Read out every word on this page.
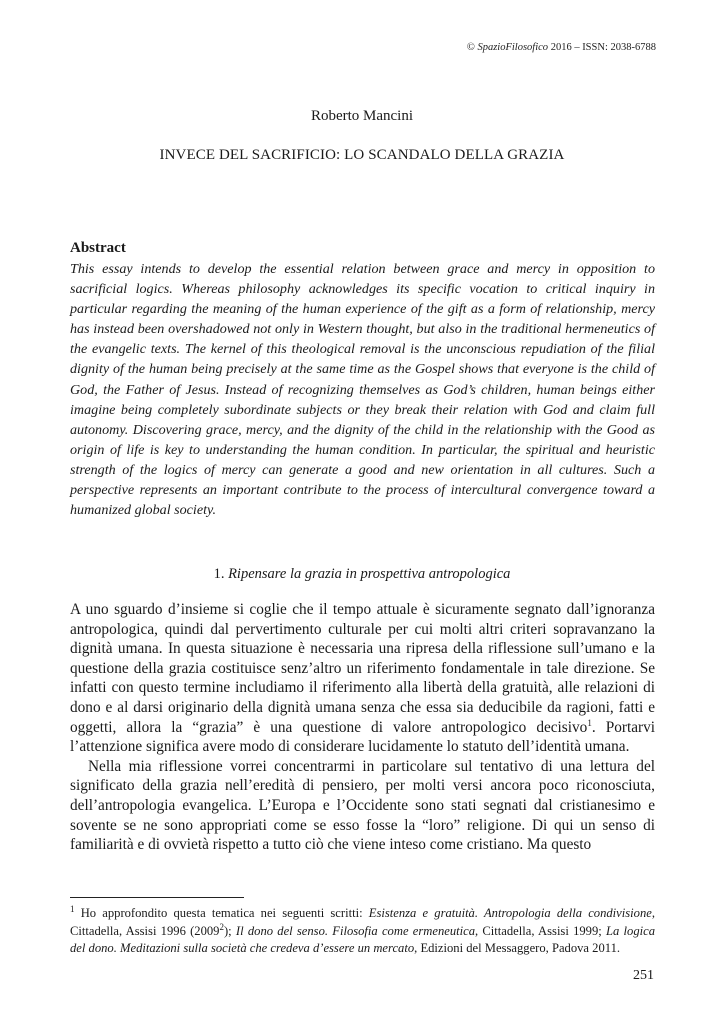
© SpazioFilosofico 2016 – ISSN: 2038-6788
Roberto Mancini
INVECE DEL SACRIFICIO: LO SCANDALO DELLA GRAZIA
Abstract

This essay intends to develop the essential relation between grace and mercy in opposition to sacrificial logics. Whereas philosophy acknowledges its specific vocation to critical inquiry in particular regarding the meaning of the human experience of the gift as a form of relationship, mercy has instead been overshadowed not only in Western thought, but also in the traditional hermeneutics of the evangelic texts. The kernel of this theological removal is the unconscious repudiation of the filial dignity of the human being precisely at the same time as the Gospel shows that everyone is the child of God, the Father of Jesus. Instead of recognizing themselves as God’s children, human beings either imagine being completely subordinate subjects or they break their relation with God and claim full autonomy. Discovering grace, mercy, and the dignity of the child in the relationship with the Good as origin of life is key to understanding the human condition. In particular, the spiritual and heuristic strength of the logics of mercy can generate a good and new orientation in all cultures. Such a perspective represents an important contribute to the process of intercultural convergence toward a humanized global society.

1. Ripensare la grazia in prospettiva antropologica

A uno sguardo d’insieme si coglie che il tempo attuale è sicuramente segnato dall’ignoranza antropologica, quindi dal pervertimento culturale per cui molti altri criteri sopravanzano la dignità umana. In questa situazione è necessaria una ripresa della riflessione sull’umano e la questione della grazia costituisce senz’altro un riferimento fondamentale in tale direzione. Se infatti con questo termine includiamo il riferimento alla libertà della gratuità, alle relazioni di dono e al darsi originario della dignità umana senza che essa sia deducibile da ragioni, fatti e oggetti, allora la “grazia” è una questione di valore antropologico decisivo$^1$. Portarvi l’attenzione significa avere modo di considerare lucidamente lo statuto dell’identità umana.

Nella mia riflessione vorrei concentrarmi in particolare sul tentativo di una lettura del significato della grazia nell’eredità di pensiero, per molti versi ancora poco riconosciuta, dell’antropologia evangelica. L’Europa e l’Occidente sono stati segnati dal cristianesimo e sovente se ne sono appropriati come se esso fosse la “loro” religione. Di qui un senso di familiarità e di ovvietà rispetto a tutto ciò che viene inteso come cristiano. Ma questo

$^1$ Ho approfondito questa tematica nei seguenti scritti: Esistenza e gratuità. Antropologia della condivisione, Cittadella, Assisi 1996 (2009$^2$); Il dono del senso. Filosofia come ermeneutica, Cittadella, Assisi 1999; La logica del dono. Meditazioni sulla società che credeva d’essere un mercato, Edizioni del Messaggero, Padova 2011.

251
